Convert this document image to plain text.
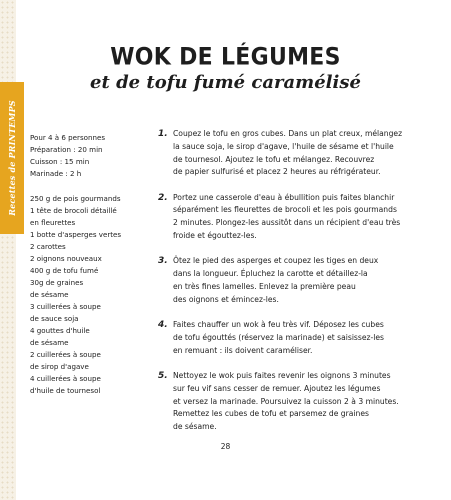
Recettes de PRINTEMPS
WOK DE LÉGUMES
et de tofu fumé caramélisé
Pour 4 à 6 personnes
Préparation : 20 min
Cuisson : 15 min
Marinade : 2 h
250 g de pois gourmands
1 tête de brocoli détaillé
en fleurettes
1 botte d'asperges vertes
2 carottes
2 oignons nouveaux
400 g de tofu fumé
30g de graines
de sésame
3 cuillerées à soupe
de sauce soja
4 gouttes d'huile
de sésame
2 cuillerées à soupe
de sirop d'agave
4 cuillerées à soupe
d'huile de tournesol
1. Coupez le tofu en gros cubes. Dans un plat creux, mélangez
la sauce soja, le sirop d'agave, l'huile de sésame et l'huile
de tournesol. Ajoutez le tofu et mélangez. Recouvrez
de papier sulfurisé et placez 2 heures au réfrigérateur.
2. Portez une casserole d'eau à ébullition puis faites blanchir
séparément les fleurettes de brocoli et les pois gourmands
2 minutes. Plongez-les aussitôt dans un récipient d'eau très
froide et égouttez-les.
3. Ôtez le pied des asperges et coupez les tiges en deux
dans la longueur. Épluchez la carotte et détaillez-la
en très fines lamelles. Enlevez la première peau
des oignons et émincez-les.
4. Faites chauffer un wok à feu très vif. Déposez les cubes
de tofu égouttés (réservez la marinade) et saisissez-les
en remuant : ils doivent caraméliser.
5. Nettoyez le wok puis faites revenir les oignons 3 minutes
sur feu vif sans cesser de remuer. Ajoutez les légumes
et versez la marinade. Poursuivez la cuisson 2 à 3 minutes.
Remettez les cubes de tofu et parsemez de graines
de sésame.
28
